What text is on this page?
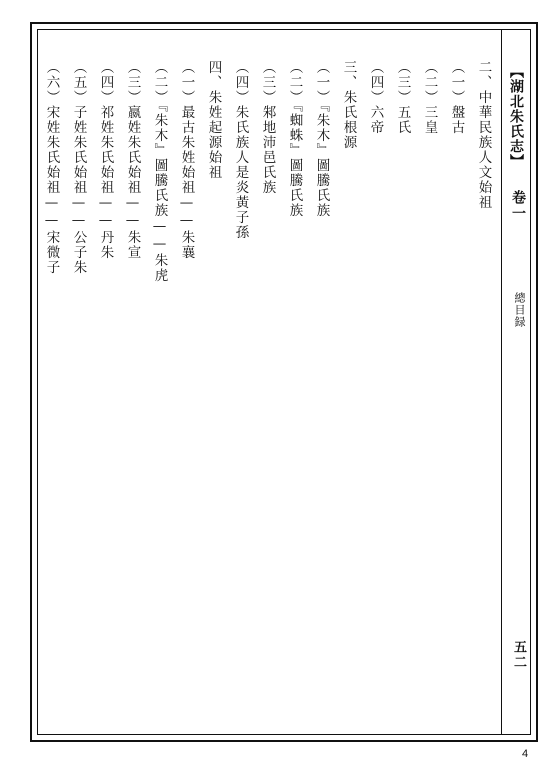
【湖北朱氏志】
卷一
總目録
五二
二、中華民族人文始祖
（一）盤古
（二）三皇
（三）五氏
（四）六帝
三、朱氏根源
（一）『朱木』圖騰氏族
（二）『蜘蛛』圖騰氏族
（三）邾地沛邑氏族
（四）朱氏族人是炎黃子孫
四、朱姓起源始祖
（一）最古朱姓始祖——朱襄
（二）『朱木』圖騰氏族——朱虎
（三）嬴姓朱氏始祖——朱宣
（四）祁姓朱氏始祖——丹朱
（五）子姓朱氏始祖——公子朱
（六）宋姓朱氏始祖——宋微子
4
